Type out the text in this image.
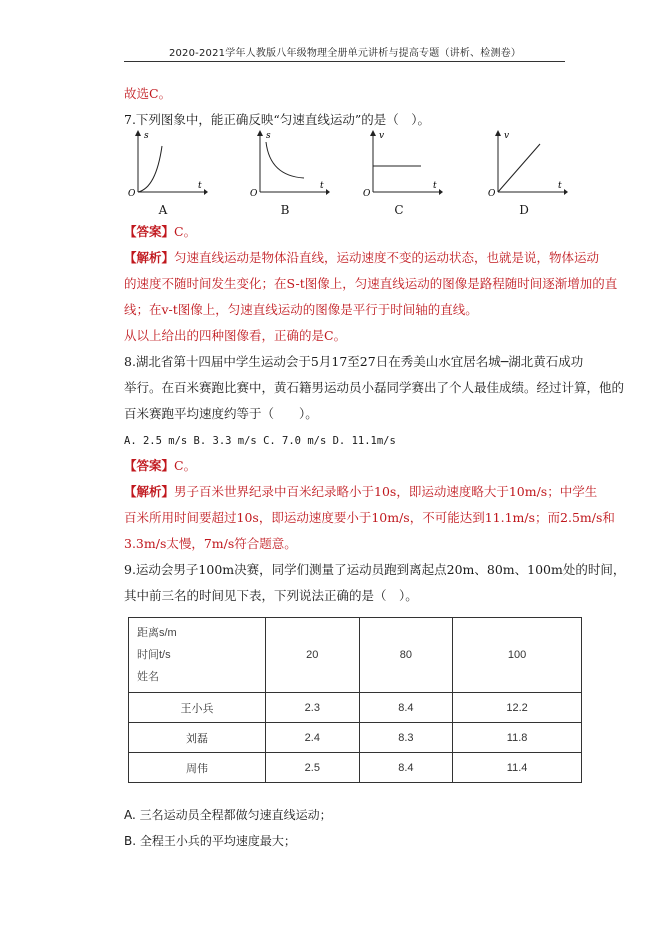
2020-2021学年人教版八年级物理全册单元讲析与提高专题（讲析、检测卷）
故选C。
7.下列图象中，能正确反映“匀速直线运动”的是（　）。
s
t
O
A
s
t
O
B
v
t
O
C
v
t
O
D
【答案】C。
【解析】匀速直线运动是物体沿直线，运动速度不变的运动状态，也就是说，物体运动
的速度不随时间发生变化；在S-t图像上，匀速直线运动的图像是路程随时间逐渐增加的直
线；在v-t图像上，匀速直线运动的图像是平行于时间轴的直线。
从以上给出的四种图像看，正确的是C。
8.湖北省第十四届中学生运动会于5月17至27日在秀美山水宜居名城─湖北黄石成功
举行。在百米赛跑比赛中，黄石籍男运动员小磊同学赛出了个人最佳成绩。经过计算，他的
百米赛跑平均速度约等于（　　）。
A. 2.5 m/s B. 3.3 m/s C. 7.0 m/s D. 11.1m/s
【答案】C。
【解析】男子百米世界纪录中百米纪录略小于10s，即运动速度略大于10m/s；中学生
百米所用时间要超过10s，即运动速度要小于10m/s，不可能达到11.1m/s；而2.5m/s和
3.3m/s太慢，7m/s符合题意。
9.运动会男子100m决赛，同学们测量了运动员跑到离起点20m、80m、100m处的时间，
其中前三名的时间见下表，下列说法正确的是（　）。
距离s/m
时间t/s
姓名	20	80	100
王小兵	2.3	8.4	12.2
刘磊	2.4	8.3	11.8
周伟	2.5	8.4	11.4
A. 三名运动员全程都做匀速直线运动；
B. 全程王小兵的平均速度最大；
